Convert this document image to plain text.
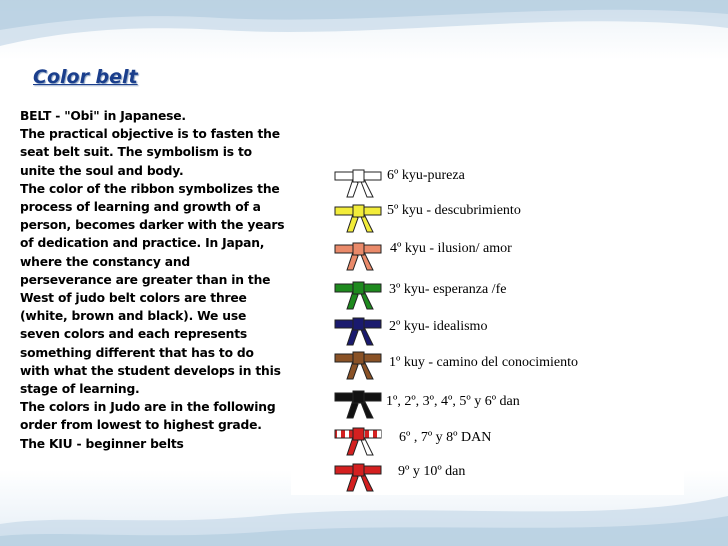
Color belt

BELT - "Obi" in Japanese.

The practical objective is to fasten the seat belt suit. The symbolism is to unite the soul and body.

The color of the ribbon symbolizes the process of learning and growth of a person, becomes darker with the years of dedication and practice. In Japan, where the constancy and perseverance are greater than in the West of judo belt colors are three (white, brown and black). We use seven colors and each represents something different that has to do with what the student develops in this stage of learning.

The colors in Judo are in the following order from lowest to highest grade.

The KIU - beginner belts

6º kyu-pureza
5º kyu - descubrimiento
4º kyu - ilusion/ amor
3º kyu- esperanza /fe
2º kyu- idealismo
1º kuy - camino del conocimiento
1º, 2º, 3º, 4º, 5º y 6º dan
6º , 7º y 8º DAN
9º y 10º dan
